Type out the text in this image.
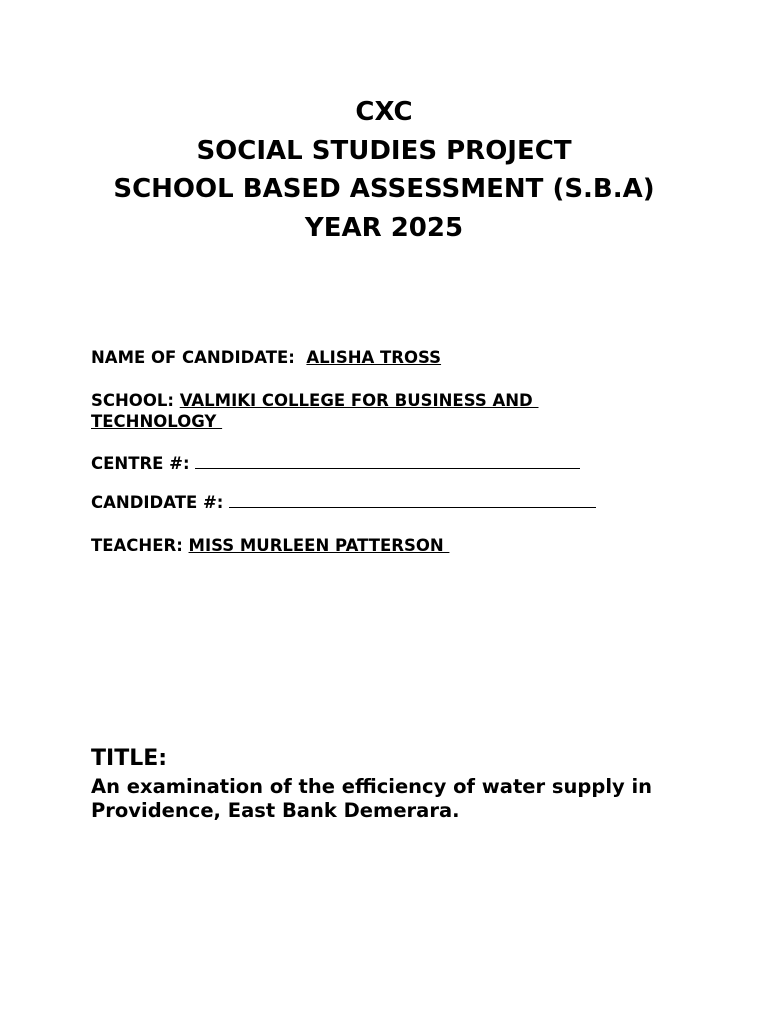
CXC
SOCIAL STUDIES PROJECT
SCHOOL BASED ASSESSMENT (S.B.A)
YEAR 2025
NAME OF CANDIDATE: ALISHA TROSS
SCHOOL: VALMIKI COLLEGE FOR BUSINESS AND
TECHNOLOGY
CENTRE #:
CANDIDATE #:
TEACHER: MISS MURLEEN PATTERSON
TITLE:
An examination of the efficiency of water supply in
Providence, East Bank Demerara.
